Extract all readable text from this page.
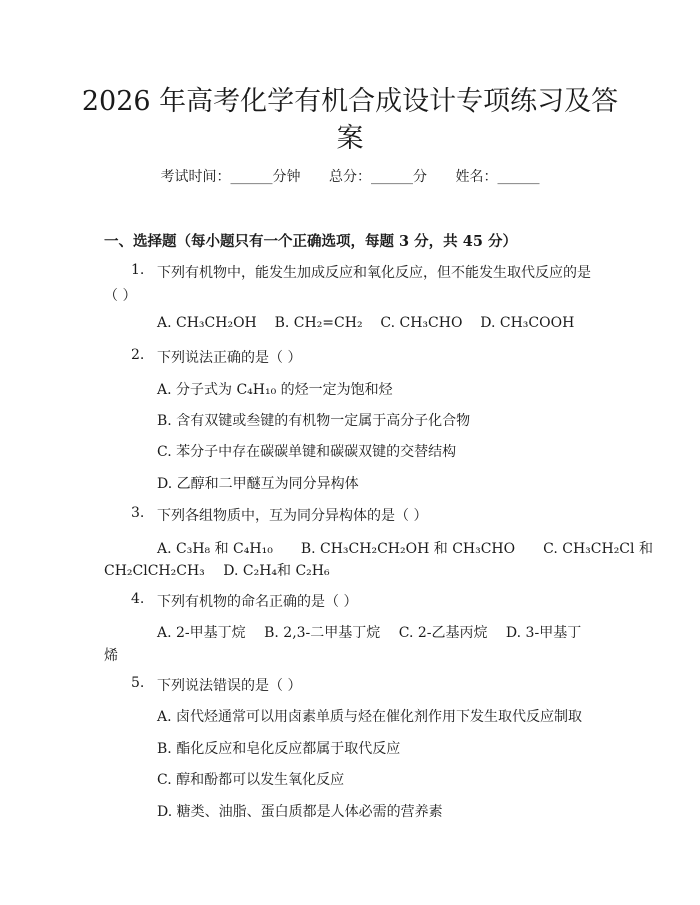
2026 年高考化学有机合成设计专项练习及答
案
考试时间：______分钟 总分：______分 姓名：______
一、选择题（每小题只有一个正确选项，每题 3 分，共 45 分）
1. 下列有机物中，能发生加成反应和氧化反应，但不能发生取代反应的是
（ ）
A. CH₃CH₂OH B. CH₂=CH₂ C. CH₃CHO D. CH₃COOH
2. 下列说法正确的是（ ）
A. 分子式为 C₄H₁₀ 的烃一定为饱和烃
B. 含有双键或叁键的有机物一定属于高分子化合物
C. 苯分子中存在碳碳单键和碳碳双键的交替结构
D. 乙醇和二甲醚互为同分异构体
3. 下列各组物质中，互为同分异构体的是（ ）
A. C₃H₈ 和 C₄H₁₀　　B. CH₃CH₂CH₂OH 和 CH₃CHO　　C. CH₃CH₂Cl 和
CH₂ClCH₂CH₃　 D. C₂H₄和 C₂H₆
4. 下列有机物的命名正确的是（ ）
A. 2-甲基丁烷　 B. 2,3-二甲基丁烷　 C. 2-乙基丙烷　 D. 3-甲基丁
烯
5. 下列说法错误的是（ ）
A. 卤代烃通常可以用卤素单质与烃在催化剂作用下发生取代反应制取
B. 酯化反应和皂化反应都属于取代反应
C. 醇和酚都可以发生氧化反应
D. 糖类、油脂、蛋白质都是人体必需的营养素
